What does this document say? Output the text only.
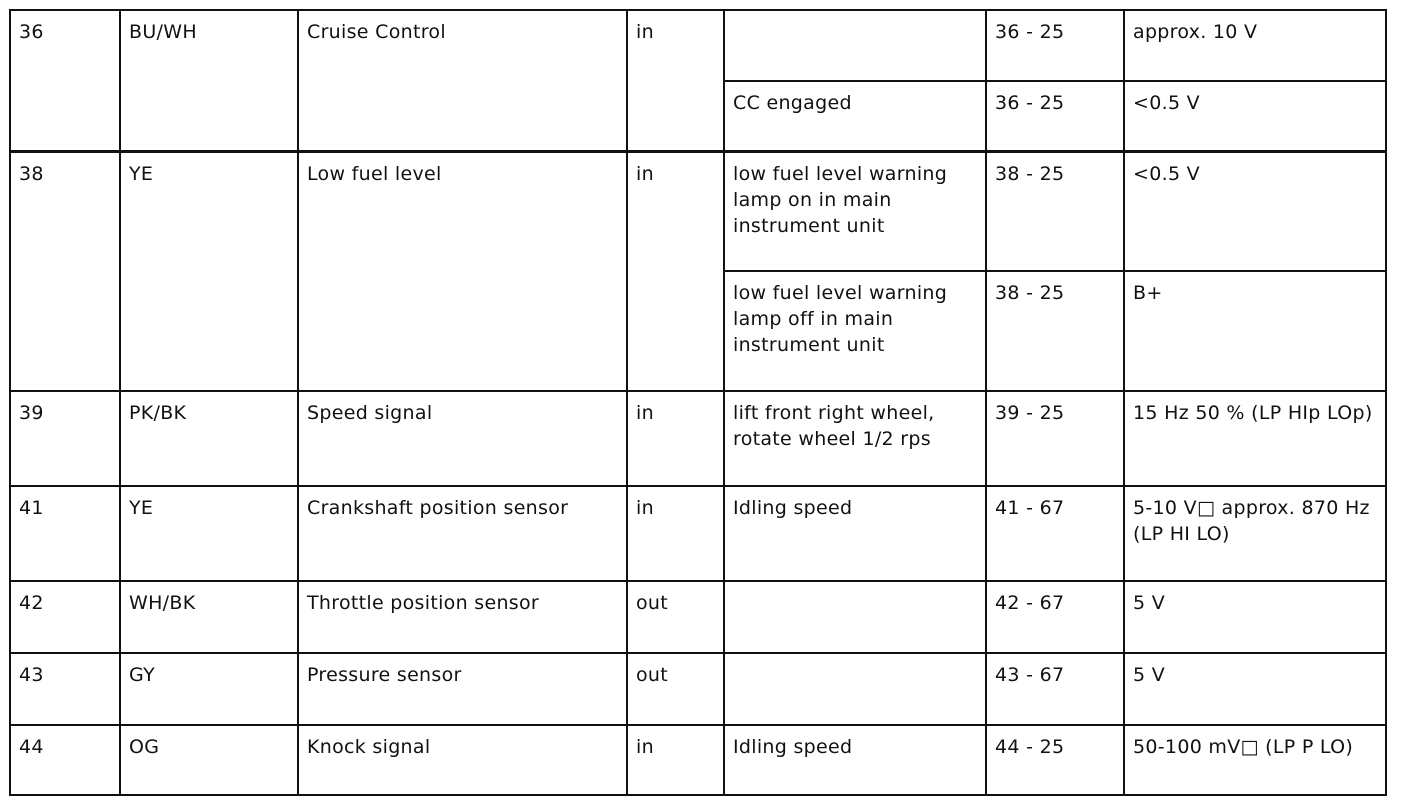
36	BU/WH	Cruise Control	in		36 - 25	approx. 10 V
				CC engaged	36 - 25	<0.5 V
38	YE	Low fuel level	in	low fuel level warning lamp on in main instrument unit	38 - 25	<0.5 V
				low fuel level warning lamp off in main instrument unit	38 - 25	B+
39	PK/BK	Speed signal	in	lift front right wheel, rotate wheel 1/2 rps	39 - 25	15 Hz 50 % (LP HIp LOp)
41	YE	Crankshaft position sensor	in	Idling speed	41 - 67	5-10 V□ approx. 870 Hz (LP HI LO)
42	WH/BK	Throttle position sensor	out		42 - 67	5 V
43	GY	Pressure sensor	out		43 - 67	5 V
44	OG	Knock signal	in	Idling speed	44 - 25	50-100 mV□ (LP P LO)
